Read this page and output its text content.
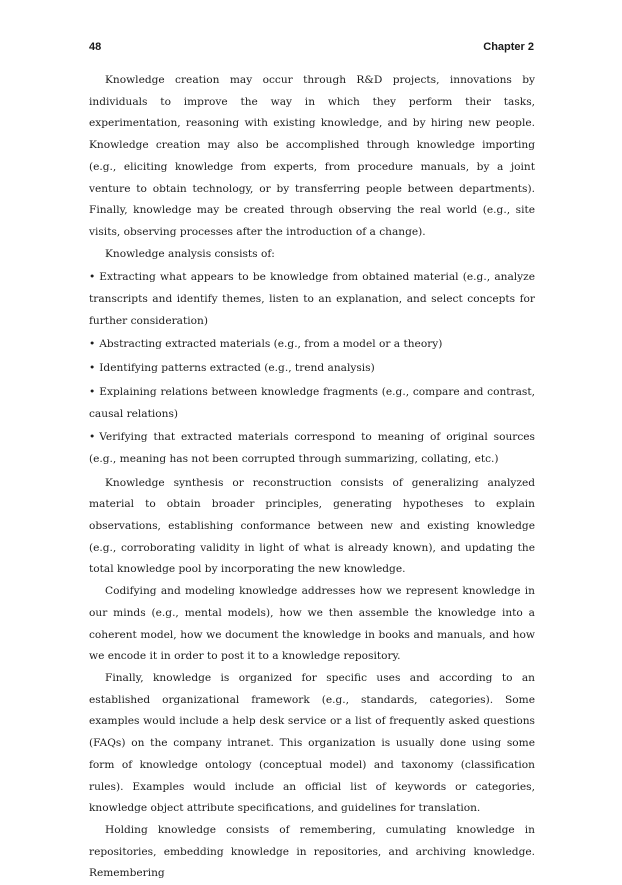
48	Chapter 2

Knowledge creation may occur through R&D projects, innovations by individuals to improve the way in which they perform their tasks, experimentation, reasoning with existing knowledge, and by hiring new people. Knowledge creation may also be accomplished through knowledge importing (e.g., eliciting knowledge from experts, from procedure manuals, by a joint venture to obtain technology, or by transferring people between departments). Finally, knowledge may be created through observing the real world (e.g., site visits, observing processes after the introduction of a change).

Knowledge analysis consists of:

• Extracting what appears to be knowledge from obtained material (e.g., analyze transcripts and identify themes, listen to an explanation, and select concepts for further consideration)
• Abstracting extracted materials (e.g., from a model or a theory)
• Identifying patterns extracted (e.g., trend analysis)
• Explaining relations between knowledge fragments (e.g., compare and contrast, causal relations)
• Verifying that extracted materials correspond to meaning of original sources (e.g., meaning has not been corrupted through summarizing, collating, etc.)

Knowledge synthesis or reconstruction consists of generalizing analyzed material to obtain broader principles, generating hypotheses to explain observations, establishing conformance between new and existing knowledge (e.g., corroborating validity in light of what is already known), and updating the total knowledge pool by incorporating the new knowledge.

Codifying and modeling knowledge addresses how we represent knowledge in our minds (e.g., mental models), how we then assemble the knowledge into a coherent model, how we document the knowledge in books and manuals, and how we encode it in order to post it to a knowledge repository.

Finally, knowledge is organized for specific uses and according to an established organizational framework (e.g., standards, categories). Some examples would include a help desk service or a list of frequently asked questions (FAQs) on the company intranet. This organization is usually done using some form of knowledge ontology (conceptual model) and taxonomy (classification rules). Examples would include an official list of keywords or categories, knowledge object attribute specifications, and guidelines for translation.

Holding knowledge consists of remembering, cumulating knowledge in repositories, embedding knowledge in repositories, and archiving knowledge. Remembering
